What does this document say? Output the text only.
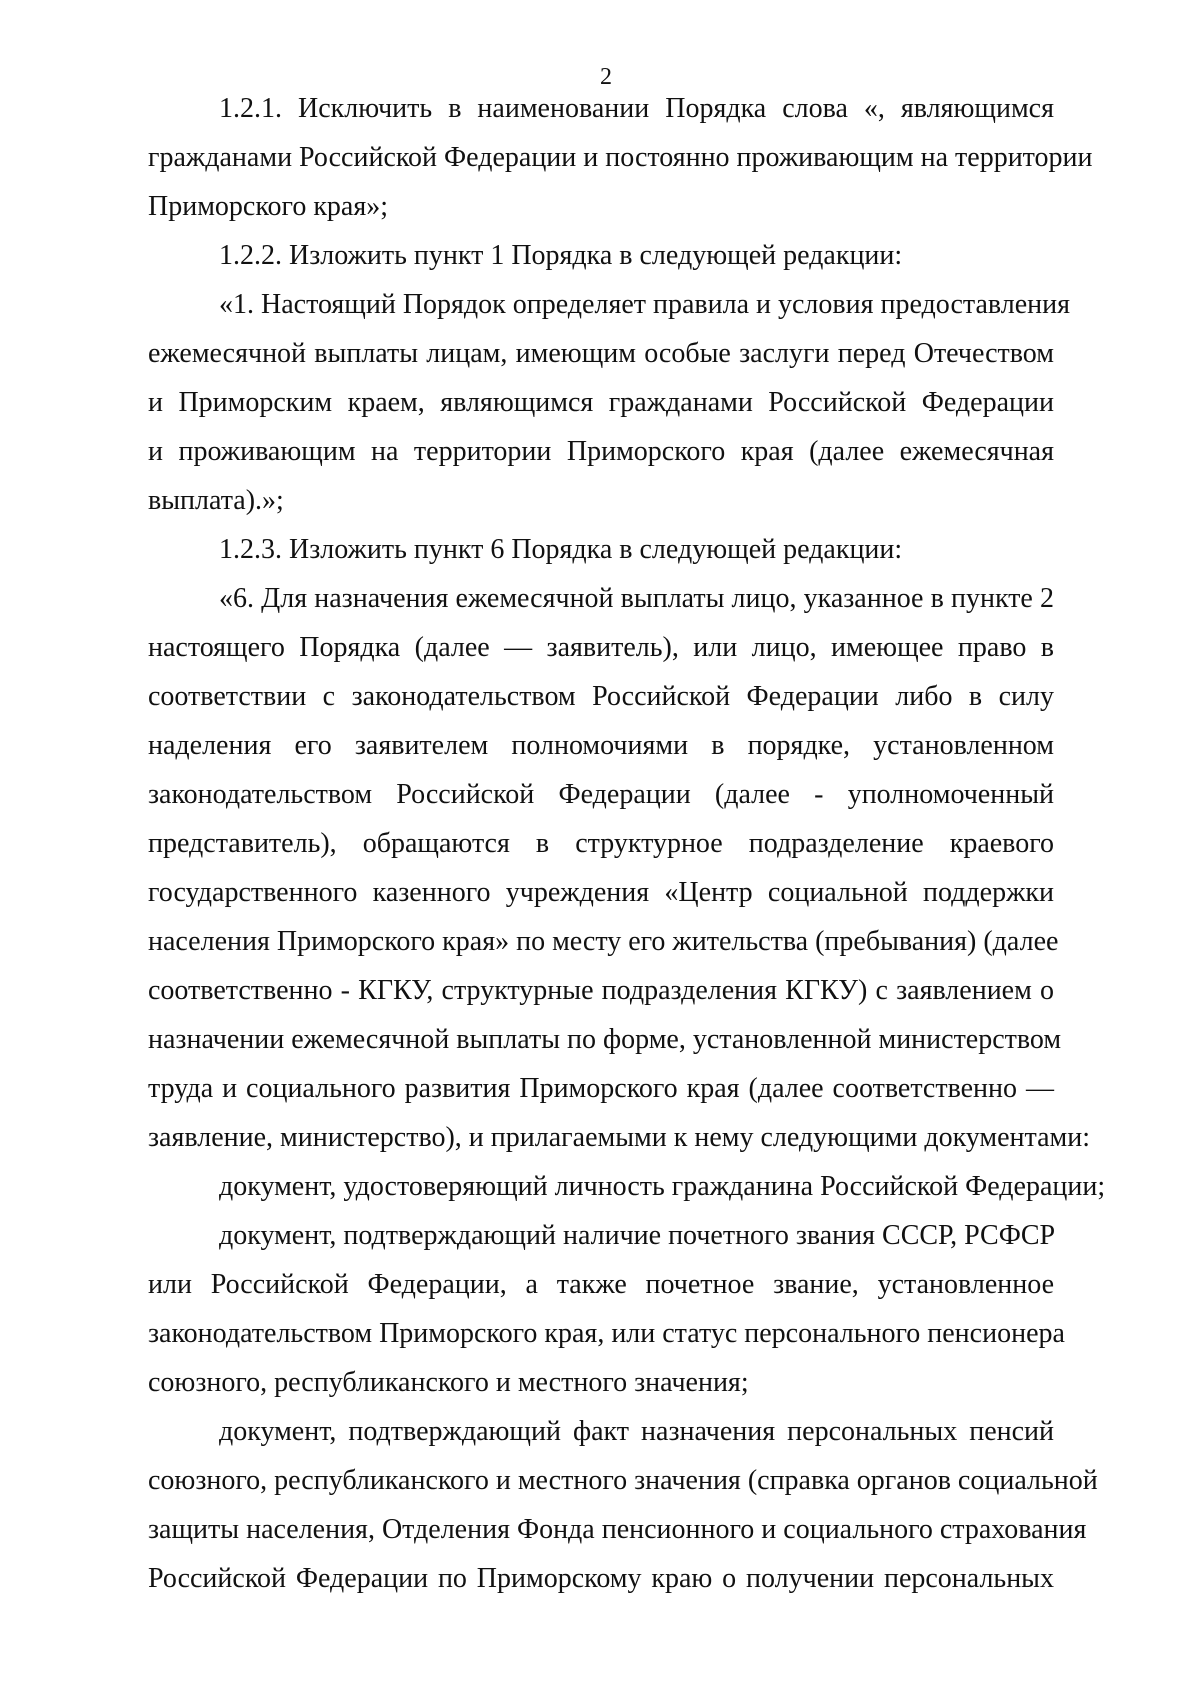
2
1.2.1. Исключить в наименовании Порядка слова «, являющимся
гражданами Российской Федерации и постоянно проживающим на территории
Приморского края»;
1.2.2. Изложить пункт 1 Порядка в следующей редакции:
«1. Настоящий Порядок определяет правила и условия предоставления
ежемесячной выплаты лицам, имеющим особые заслуги перед Отечеством
и Приморским краем, являющимся гражданами Российской Федерации
и проживающим на территории Приморского края (далее ежемесячная
выплата).»;
1.2.3. Изложить пункт 6 Порядка в следующей редакции:
«6. Для назначения ежемесячной выплаты лицо, указанное в пункте 2
настоящего Порядка (далее — заявитель), или лицо, имеющее право в
соответствии с законодательством Российской Федерации либо в силу
наделения его заявителем полномочиями в порядке, установленном
законодательством Российской Федерации (далее - уполномоченный
представитель), обращаются в структурное подразделение краевого
государственного казенного учреждения «Центр социальной поддержки
населения Приморского края» по месту его жительства (пребывания) (далее
соответственно - КГКУ, структурные подразделения КГКУ) с заявлением о
назначении ежемесячной выплаты по форме, установленной министерством
труда и социального развития Приморского края (далее соответственно —
заявление, министерство), и прилагаемыми к нему следующими документами:
документ, удостоверяющий личность гражданина Российской Федерации;
документ, подтверждающий наличие почетного звания СССР, РСФСР
или Российской Федерации, а также почетное звание, установленное
законодательством Приморского края, или статус персонального пенсионера
союзного, республиканского и местного значения;
документ, подтверждающий факт назначения персональных пенсий
союзного, республиканского и местного значения (справка органов социальной
защиты населения, Отделения Фонда пенсионного и социального страхования
Российской Федерации по Приморскому краю о получении персональных
